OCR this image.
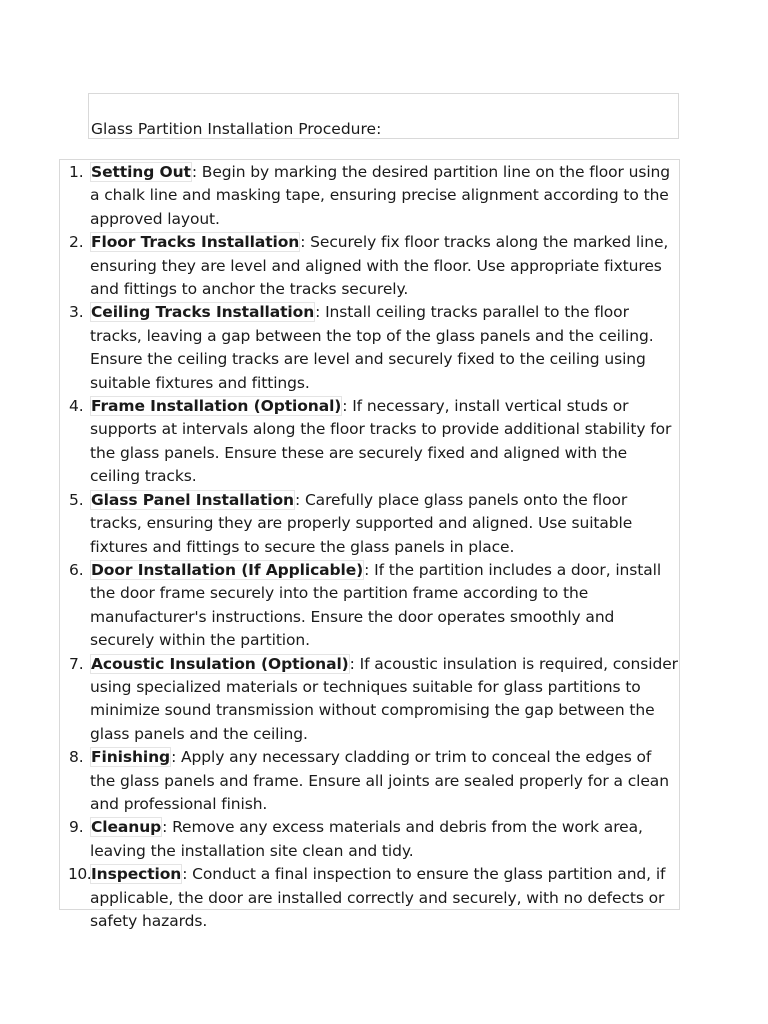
Glass Partition Installation Procedure:
1. Setting Out: Begin by marking the desired partition line on the floor using a chalk line and masking tape, ensuring precise alignment according to the approved layout.
2. Floor Tracks Installation: Securely fix floor tracks along the marked line, ensuring they are level and aligned with the floor. Use appropriate fixtures and fittings to anchor the tracks securely.
3. Ceiling Tracks Installation: Install ceiling tracks parallel to the floor tracks, leaving a gap between the top of the glass panels and the ceiling. Ensure the ceiling tracks are level and securely fixed to the ceiling using suitable fixtures and fittings.
4. Frame Installation (Optional): If necessary, install vertical studs or supports at intervals along the floor tracks to provide additional stability for the glass panels. Ensure these are securely fixed and aligned with the ceiling tracks.
5. Glass Panel Installation: Carefully place glass panels onto the floor tracks, ensuring they are properly supported and aligned. Use suitable fixtures and fittings to secure the glass panels in place.
6. Door Installation (If Applicable): If the partition includes a door, install the door frame securely into the partition frame according to the manufacturer's instructions. Ensure the door operates smoothly and securely within the partition.
7. Acoustic Insulation (Optional): If acoustic insulation is required, consider using specialized materials or techniques suitable for glass partitions to minimize sound transmission without compromising the gap between the glass panels and the ceiling.
8. Finishing: Apply any necessary cladding or trim to conceal the edges of the glass panels and frame. Ensure all joints are sealed properly for a clean and professional finish.
9. Cleanup: Remove any excess materials and debris from the work area, leaving the installation site clean and tidy.
10. Inspection: Conduct a final inspection to ensure the glass partition and, if applicable, the door are installed correctly and securely, with no defects or safety hazards.
